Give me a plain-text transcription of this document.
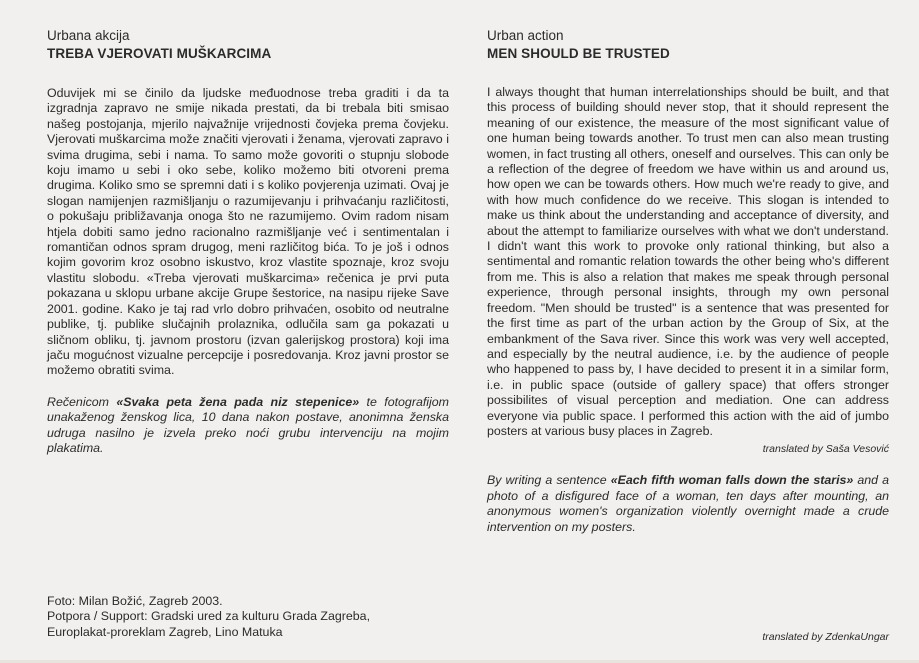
Urbana akcija

TREBA VJEROVATI MUŠKARCIMA

Oduvijek mi se činilo da ljudske međuodnose treba graditi i da ta izgradnja zapravo ne smije nikada prestati, da bi trebala biti smisao našeg postojanja, mjerilo najvažnije vrijednosti čovjeka prema čovjeku. Vjerovati muškarcima može značiti vjerovati i ženama, vjerovati zapravo i svima drugima, sebi i nama. To samo može govoriti o stupnju slobode koju imamo u sebi i oko sebe, koliko možemo biti otvoreni prema drugima. Koliko smo se spremni dati i s koliko povjerenja uzimati. Ovaj je slogan namijenjen razmišljanju o razumijevanju i prihvaćanju različitosti, o pokušaju približavanja onoga što ne razumijemo. Ovim radom nisam htjela dobiti samo jedno racionalno razmišljanje već i sentimentalan i romantičan odnos spram drugog, meni različitog bića. To je još i odnos kojim govorim kroz osobno iskustvo, kroz vlastite spoznaje, kroz svoju vlastitu slobodu. «Treba vjerovati muškarcima» rečenica je prvi puta pokazana u sklopu urbane akcije Grupe šestorice, na nasipu rijeke Save 2001. godine. Kako je taj rad vrlo dobro prihvaćen, osobito od neutralne publike, tj. publike slučajnih prolaznika, odlučila sam ga pokazati u sličnom obliku, tj. javnom prostoru (izvan galerijskog prostora) koji ima jaču mogućnost vizualne percepcije i posredovanja. Kroz javni prostor se možemo obratiti svima.

Rečenicom «Svaka peta žena pada niz stepenice» te fotografijom unakaženog ženskog lica, 10 dana nakon postave, anonimna ženska udruga nasilno je izvela preko noći grubu intervenciju na mojim plakatima.

Foto: Milan Božić, Zagreb 2003.
Potpora / Support: Gradski ured za kulturu Grada Zagreba,
Europlakat-proreklam Zagreb, Lino Matuka

Urban action

MEN SHOULD BE TRUSTED

I always thought that human interrelationships should be built, and that this process of building should never stop, that it should represent the meaning of our existence, the measure of the most significant value of one human being towards another. To trust men can also mean trusting women, in fact trusting all others, oneself and ourselves. This can only be a reflection of the degree of freedom we have within us and around us, how open we can be towards others. How much we're ready to give, and with how much confidence do we receive. This slogan is intended to make us think about the understanding and acceptance of diversity, and about the attempt to familiarize ourselves with what we don't understand. I didn't want this work to provoke only rational thinking, but also a sentimental and romantic relation towards the other being who's different from me. This is also a relation that makes me speak through personal experience, through personal insights, through my own personal freedom. "Men should be trusted" is a sentence that was presented for the first time as part of the urban action by the Group of Six, at the embankment of the Sava river. Since this work was very well accepted, and especially by the neutral audience, i.e. by the audience of people who happened to pass by, I have decided to present it in a similar form, i.e. in public space (outside of gallery space) that offers stronger possibilites of visual perception and mediation. One can address everyone via public space. I performed this action with the aid of jumbo posters at various busy places in Zagreb.

translated by Saša Vesović

By writing a sentence «Each fifth woman falls down the staris» and a photo of a disfigured face of a woman, ten days after mounting, an anonymous women's organization violently overnight made a crude intervention on my posters.

translated by ZdenkaUngar
